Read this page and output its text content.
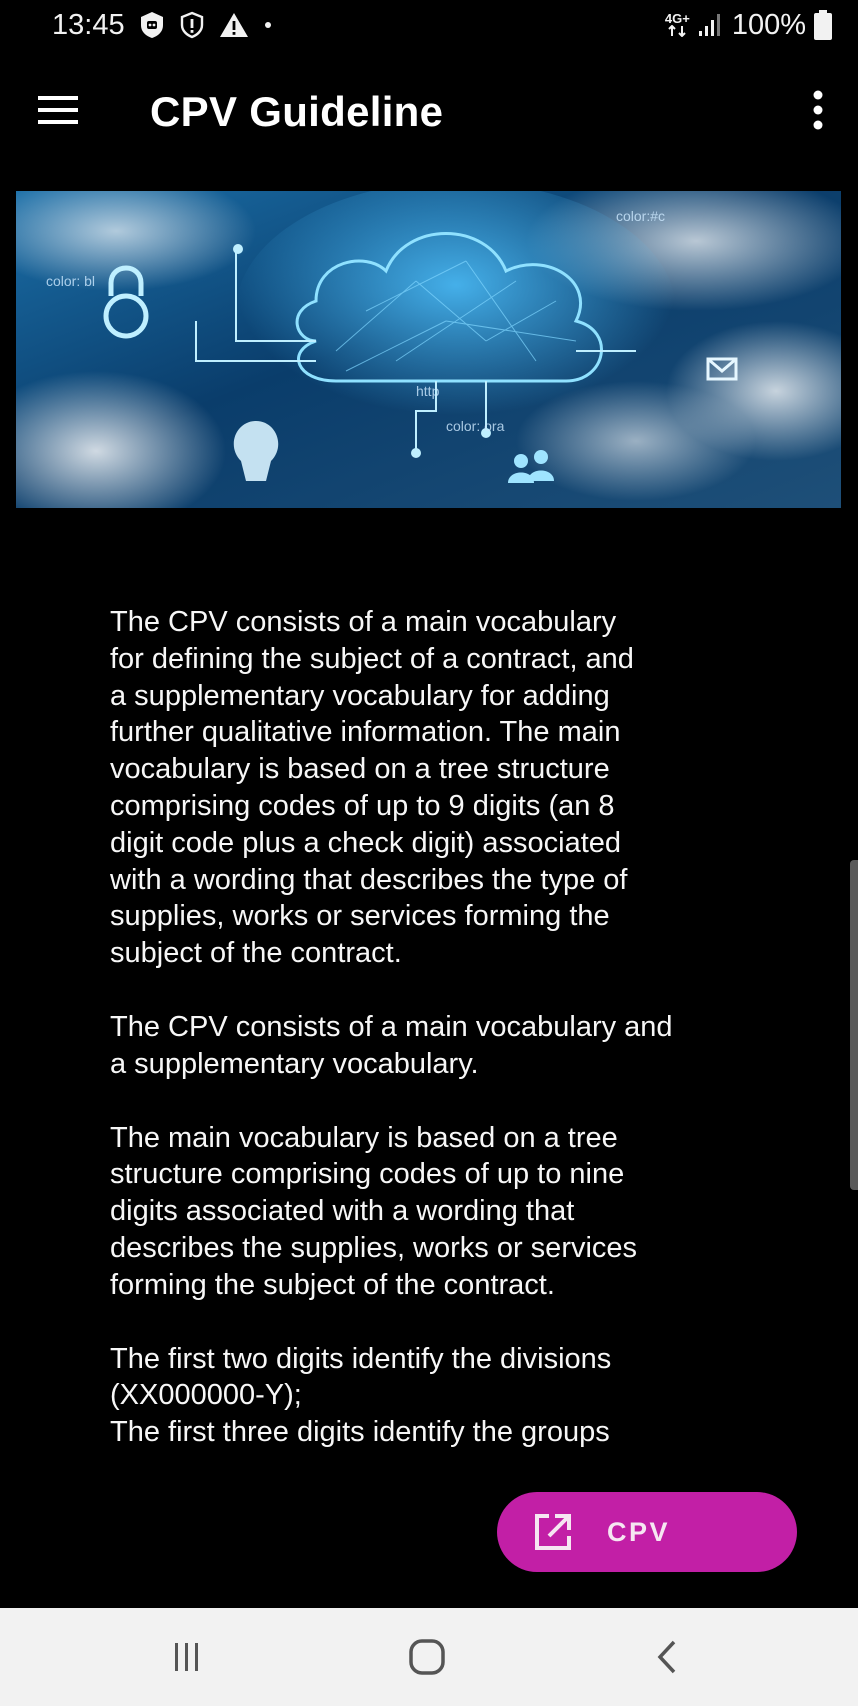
13:45	4G+ 100%
CPV Guideline
color: bl
color:#c
color: ora
http

The CPV consists of a main vocabulary
for defining the subject of a contract, and
a supplementary vocabulary for adding
further qualitative information. The main
vocabulary is based on a tree structure
comprising codes of up to 9 digits (an 8
digit code plus a check digit) associated
with a wording that describes the type of
supplies, works or services forming the
subject of the contract.

The CPV consists of a main vocabulary and
a supplementary vocabulary.

The main vocabulary is based on a tree
structure comprising codes of up to nine
digits associated with a wording that
describes the supplies, works or services
forming the subject of the contract.

The first two digits identify the divisions
(XX000000-Y);
The first three digits identify the groups

CPV
